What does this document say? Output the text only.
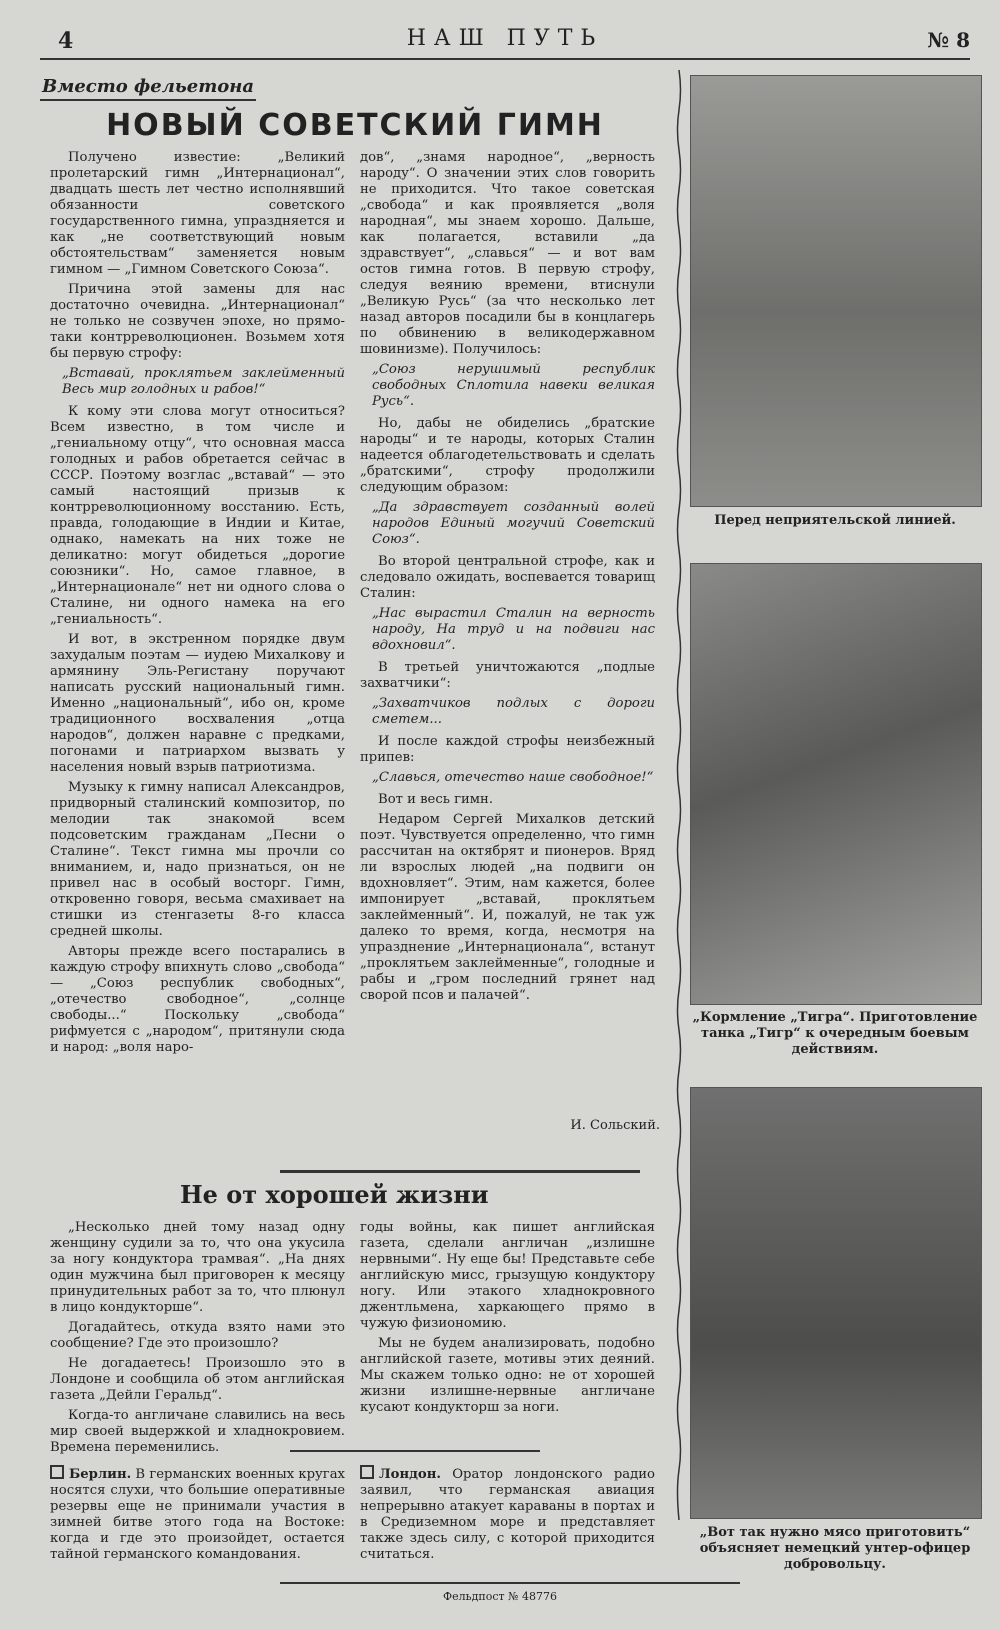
4	НАШ ПУТЬ	№ 8
Вместо фельетона
НОВЫЙ СОВЕТСКИЙ ГИМН

Получено известие: „Великий пролетарский гимн „Интернационал“, двадцать шесть лет честно исполнявший обязанности советского государственного гимна, упраздняется и как „не соответствующий новым обстоятельствам“ заменяется новым гимном — „Гимном Советского Союза“.

Причина этой замены для нас достаточно очевидна. „Интернационал“ не только не созвучен эпохе, но прямо-таки контрреволюционен. Возьмем хотя бы первую строфу:

„Вставай, проклятьем заклейменный Весь мир голодных и рабов!“

К кому эти слова могут относиться? Всем известно, в том числе и „гениальному отцу“, что основная масса голодных и рабов обретается сейчас в СССР. Поэтому возглас „вставай“ — это самый настоящий призыв к контрреволюционному восстанию. Есть, правда, голодающие в Индии и Китае, однако, намекать на них тоже не деликатно: могут обидеться „дорогие союзники“. Но, самое главное, в „Интернационале“ нет ни одного слова о Сталине, ни одного намека на его „гениальность“.

И вот, в экстренном порядке двум захудалым поэтам — иудею Михалкову и армянину Эль-Регистану поручают написать русский национальный гимн. Именно „национальный“, ибо он, кроме традиционного восхваления „отца народов“, должен наравне с предками, погонами и патриархом вызвать у населения новый взрыв патриотизма.

Музыку к гимну написал Александров, придворный сталинский композитор, по мелодии так знакомой всем подсоветским гражданам „Песни о Сталине“. Текст гимна мы прочли со вниманием, и, надо признаться, он не привел нас в особый восторг. Гимн, откровенно говоря, весьма смахивает на стишки из стенгазеты 8-го класса средней школы.

Авторы прежде всего постарались в каждую строфу впихнуть слово „свобода“ — „Союз республик свободных“, „отечество свободное“, „солнце свободы...“ Поскольку „свобода“ рифмуется с „народом“, притянули сюда и народ: „воля наро-

дов“, „знамя народное“, „верность народу“. О значении этих слов говорить не приходится. Что такое советская „свобода“ и как проявляется „воля народная“, мы знаем хорошо. Дальше, как полагается, вставили „да здравствует“, „славься“ — и вот вам остов гимна готов. В первую строфу, следуя веянию времени, втиснули „Великую Русь“ (за что несколько лет назад авторов посадили бы в концлагерь по обвинению в великодержавном шовинизме). Получилось:

„Союз нерушимый республик свободных Сплотила навеки великая Русь“.

Но, дабы не обиделись „братские народы“ и те народы, которых Сталин надеется облагодетельствовать и сделать „братскими“, строфу продолжили следующим образом:

„Да здравствует созданный волей народов Единый могучий Советский Союз“.

Во второй центральной строфе, как и следовало ожидать, воспевается товарищ Сталин:

„Нас вырастил Сталин на верность народу, На труд и на подвиги нас вдохновил“.

В третьей уничтожаются „подлые захватчики“:

„Захватчиков подлых с дороги сметем...

И после каждой строфы неизбежный припев:

„Славься, отечество наше свободное!“

Вот и весь гимн.

Недаром Сергей Михалков детский поэт. Чувствуется определенно, что гимн рассчитан на октябрят и пионеров. Вряд ли взрослых людей „на подвиги он вдохновляет“. Этим, нам кажется, более импонирует „вставай, проклятьем заклейменный“. И, пожалуй, не так уж далеко то время, когда, несмотря на упразднение „Интернационала“, встанут „проклятьем заклейменные“, голодные и рабы и „гром последний грянет над сворой псов и палачей“.

И. Сольский.
Не от хорошей жизни

„Несколько дней тому назад одну женщину судили за то, что она укусила за ногу кондуктора трамвая“. „На днях один мужчина был приговорен к месяцу принудительных работ за то, что плюнул в лицо кондукторше“.

Догадайтесь, откуда взято нами это сообщение? Где это произошло?

Не догадаетесь! Произошло это в Лондоне и сообщила об этом английская газета „Дейли Геральд“.

Когда-то англичане славились на весь мир своей выдержкой и хладнокровием. Времена переменились.

годы войны, как пишет английская газета, сделали англичан „излишне нервными“. Ну еще бы! Представьте себе английскую мисс, грызущую кондуктору ногу. Или этакого хладнокровного джентльмена, харкающего прямо в чужую физиономию.

Мы не будем анализировать, подобно английской газете, мотивы этих деяний. Мы скажем только одно: не от хорошей жизни излишне-нервные англичане кусают кондукторш за ноги.

Берлин. В германских военных кругах носятся слухи, что большие оперативные резервы еще не принимали участия в зимней битве этого года на Востоке: когда и где это произойдет, остается тайной германского командования.

Лондон. Оратор лондонского радио заявил, что германская авиация непрерывно атакует караваны в портах и в Средиземном море и представляет также здесь силу, с которой приходится считаться.

Перед неприятельской линией.
„Кормление „Тигра“. Приготовление танка „Тигр“ к очередным боевым действиям.
„Вот так нужно мясо приготовить“ объясняет немецкий унтер-офицер добровольцу.
Фельдпост № 48776
